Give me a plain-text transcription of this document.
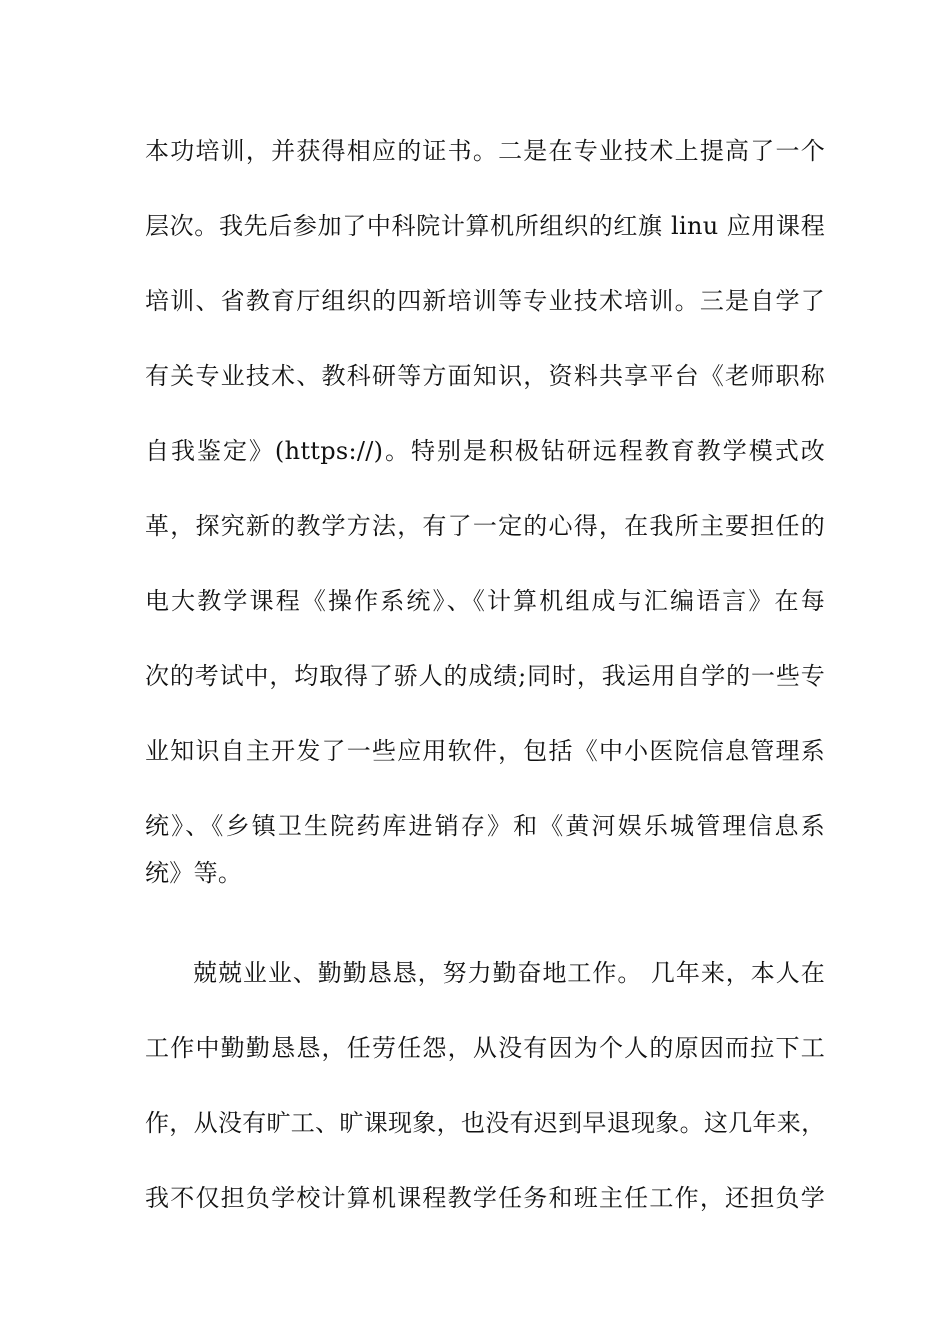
本功培训，并获得相应的证书。二是在专业技术上提高了一个
层次。我先后参加了中科院计算机所组织的红旗 linu 应用课程
培训、省教育厅组织的四新培训等专业技术培训。三是自学了
有关专业技术、教科研等方面知识，资料共享平台《老师职称
自我鉴定》(https://)。特别是积极钻研远程教育教学模式改
革，探究新的教学方法，有了一定的心得，在我所主要担任的
电大教学课程《操作系统》、《计算机组成与汇编语言》在每
次的考试中，均取得了骄人的成绩;同时，我运用自学的一些专
业知识自主开发了一些应用软件，包括《中小医院信息管理系
统》、《乡镇卫生院药库进销存》和《黄河娱乐城管理信息系
统》等。
兢兢业业、勤勤恳恳，努力勤奋地工作。 几年来，本人在
工作中勤勤恳恳，任劳任怨，从没有因为个人的原因而拉下工
作，从没有旷工、旷课现象，也没有迟到早退现象。这几年来，
我不仅担负学校计算机课程教学任务和班主任工作，还担负学
